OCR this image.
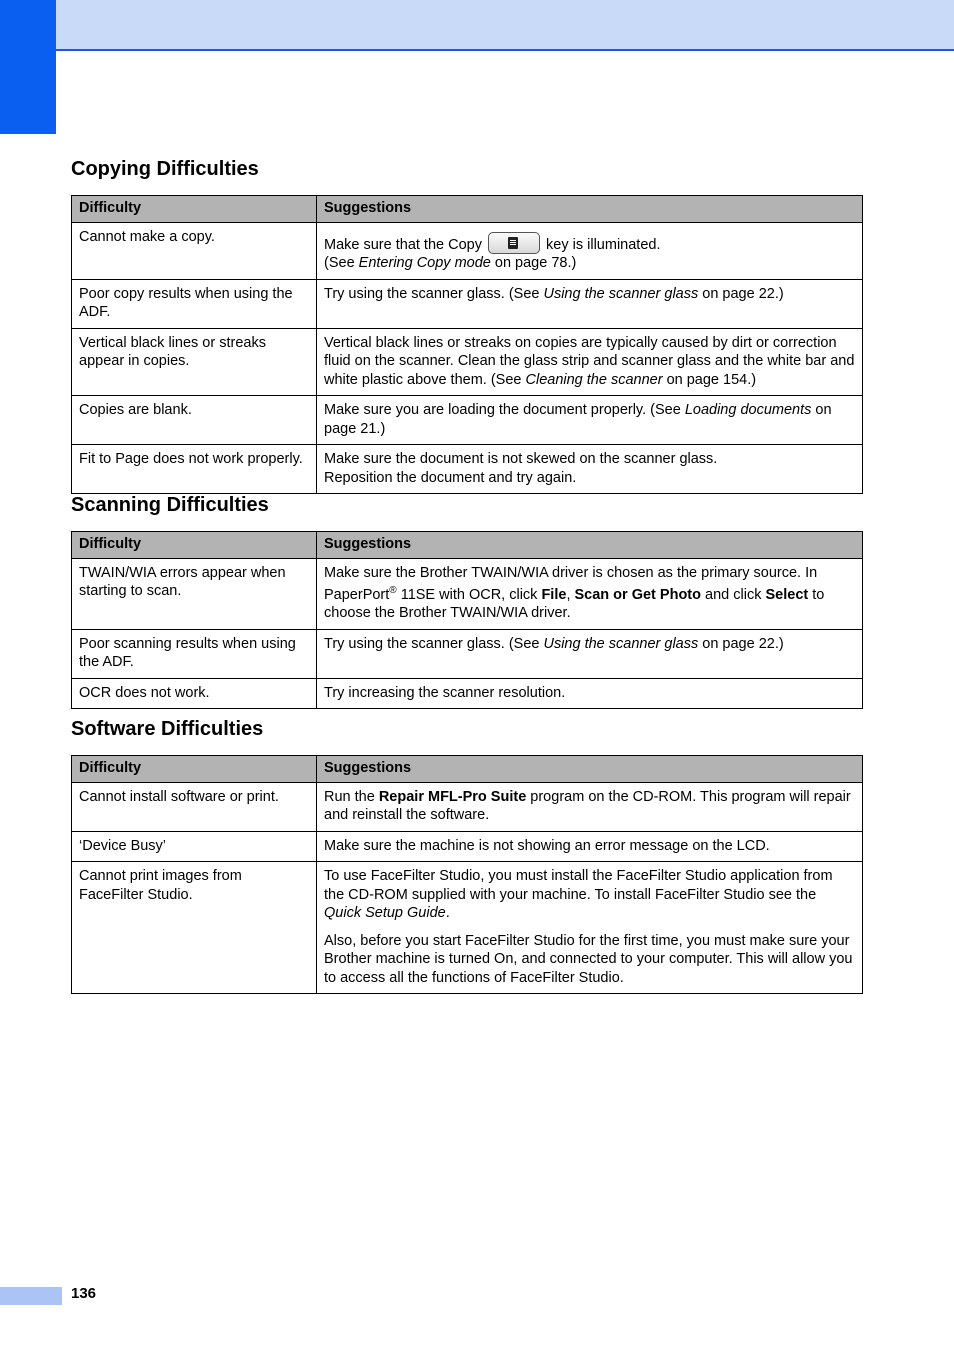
Copying Difficulties
Difficulty	Suggestions
Cannot make a copy.	Make sure that the Copy key is illuminated.
(See Entering Copy mode on page 78.)

Poor copy results when using the ADF.	Try using the scanner glass. (See Using the scanner glass on page 22.)
Vertical black lines or streaks appear in copies.	Vertical black lines or streaks on copies are typically caused by dirt or correction fluid on the scanner. Clean the glass strip and scanner glass and the white bar and white plastic above them. (See Cleaning the scanner on page 154.)
Copies are blank.	Make sure you are loading the document properly. (See Loading documents on page 21.)
Fit to Page does not work properly.	Make sure the document is not skewed on the scanner glass.
Reposition the document and try again.
Scanning Difficulties
Difficulty	Suggestions
TWAIN/WIA errors appear when starting to scan.	Make sure the Brother TWAIN/WIA driver is chosen as the primary source. In PaperPort® 11SE with OCR, click File, Scan or Get Photo and click Select to choose the Brother TWAIN/WIA driver.
Poor scanning results when using the ADF.	Try using the scanner glass. (See Using the scanner glass on page 22.)
OCR does not work.	Try increasing the scanner resolution.
Software Difficulties
Difficulty	Suggestions
Cannot install software or print.	Run the Repair MFL-Pro Suite program on the CD-ROM. This program will repair and reinstall the software.
‘Device Busy’	Make sure the machine is not showing an error message on the LCD.
Cannot print images from FaceFilter Studio.	To use FaceFilter Studio, you must install the FaceFilter Studio application from the CD-ROM supplied with your machine. To install FaceFilter Studio see the Quick Setup Guide.
Also, before you start FaceFilter Studio for the first time, you must make sure your Brother machine is turned On, and connected to your computer. This will allow you to access all the functions of FaceFilter Studio.
136
